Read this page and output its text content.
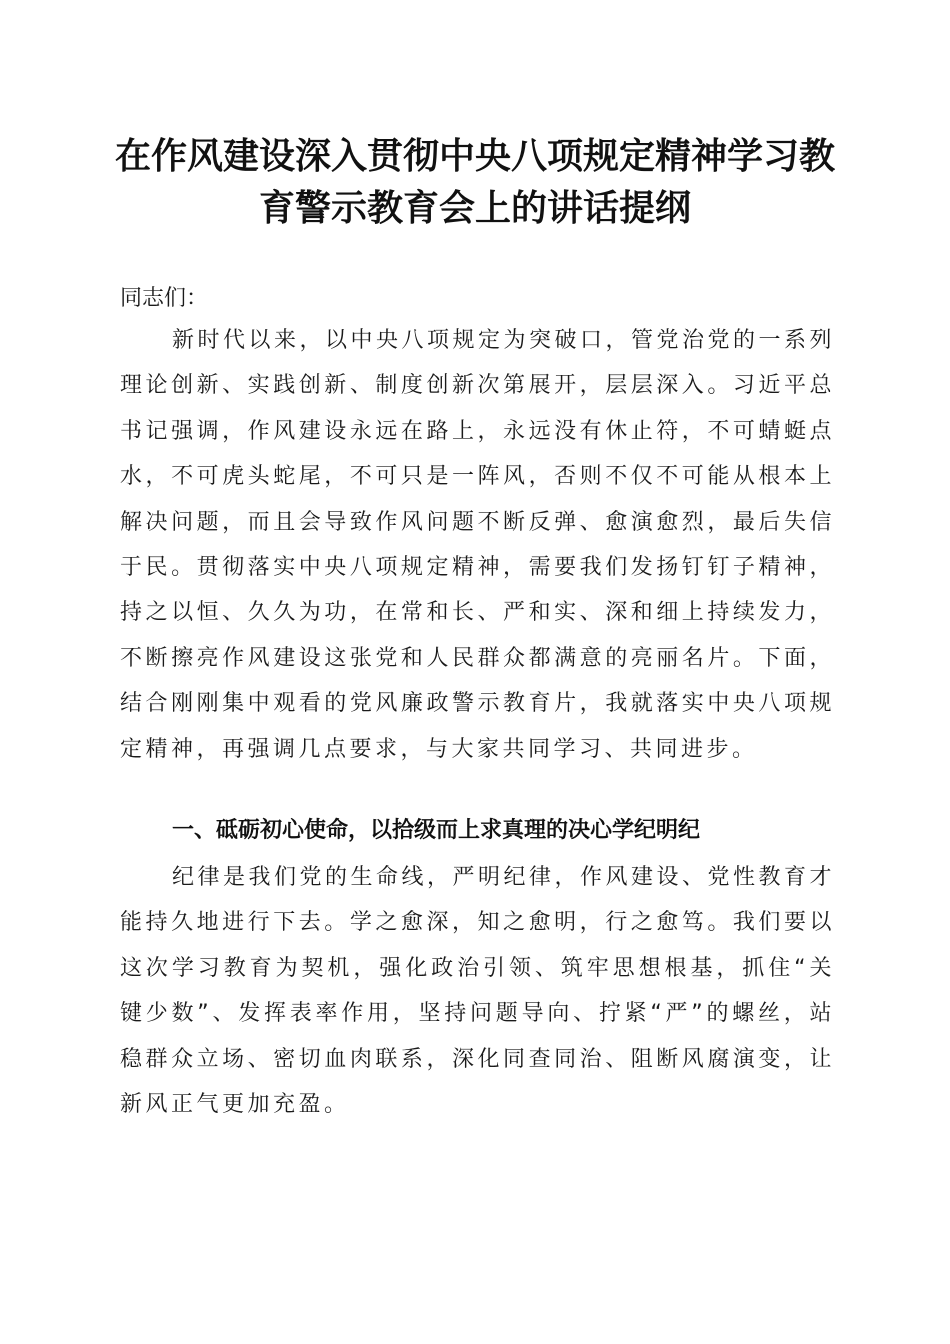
在作风建设深入贯彻中央八项规定精神学习教育警示教育会上的讲话提纲

同志们：

新时代以来，以中央八项规定为突破口，管党治党的一系列理论创新、实践创新、制度创新次第展开，层层深入。习近平总书记强调，作风建设永远在路上，永远没有休止符，不可蜻蜓点水，不可虎头蛇尾，不可只是一阵风，否则不仅不可能从根本上解决问题，而且会导致作风问题不断反弹、愈演愈烈，最后失信于民。贯彻落实中央八项规定精神，需要我们发扬钉钉子精神，持之以恒、久久为功，在常和长、严和实、深和细上持续发力，不断擦亮作风建设这张党和人民群众都满意的亮丽名片。下面，结合刚刚集中观看的党风廉政警示教育片，我就落实中央八项规定精神，再强调几点要求，与大家共同学习、共同进步。

一、砥砺初心使命，以拾级而上求真理的决心学纪明纪

纪律是我们党的生命线，严明纪律，作风建设、党性教育才能持久地进行下去。学之愈深，知之愈明，行之愈笃。我们要以这次学习教育为契机，强化政治引领、筑牢思想根基，抓住“关键少数”、发挥表率作用，坚持问题导向、拧紧“严”的螺丝，站稳群众立场、密切血肉联系，深化同查同治、阻断风腐演变，让新风正气更加充盈。
